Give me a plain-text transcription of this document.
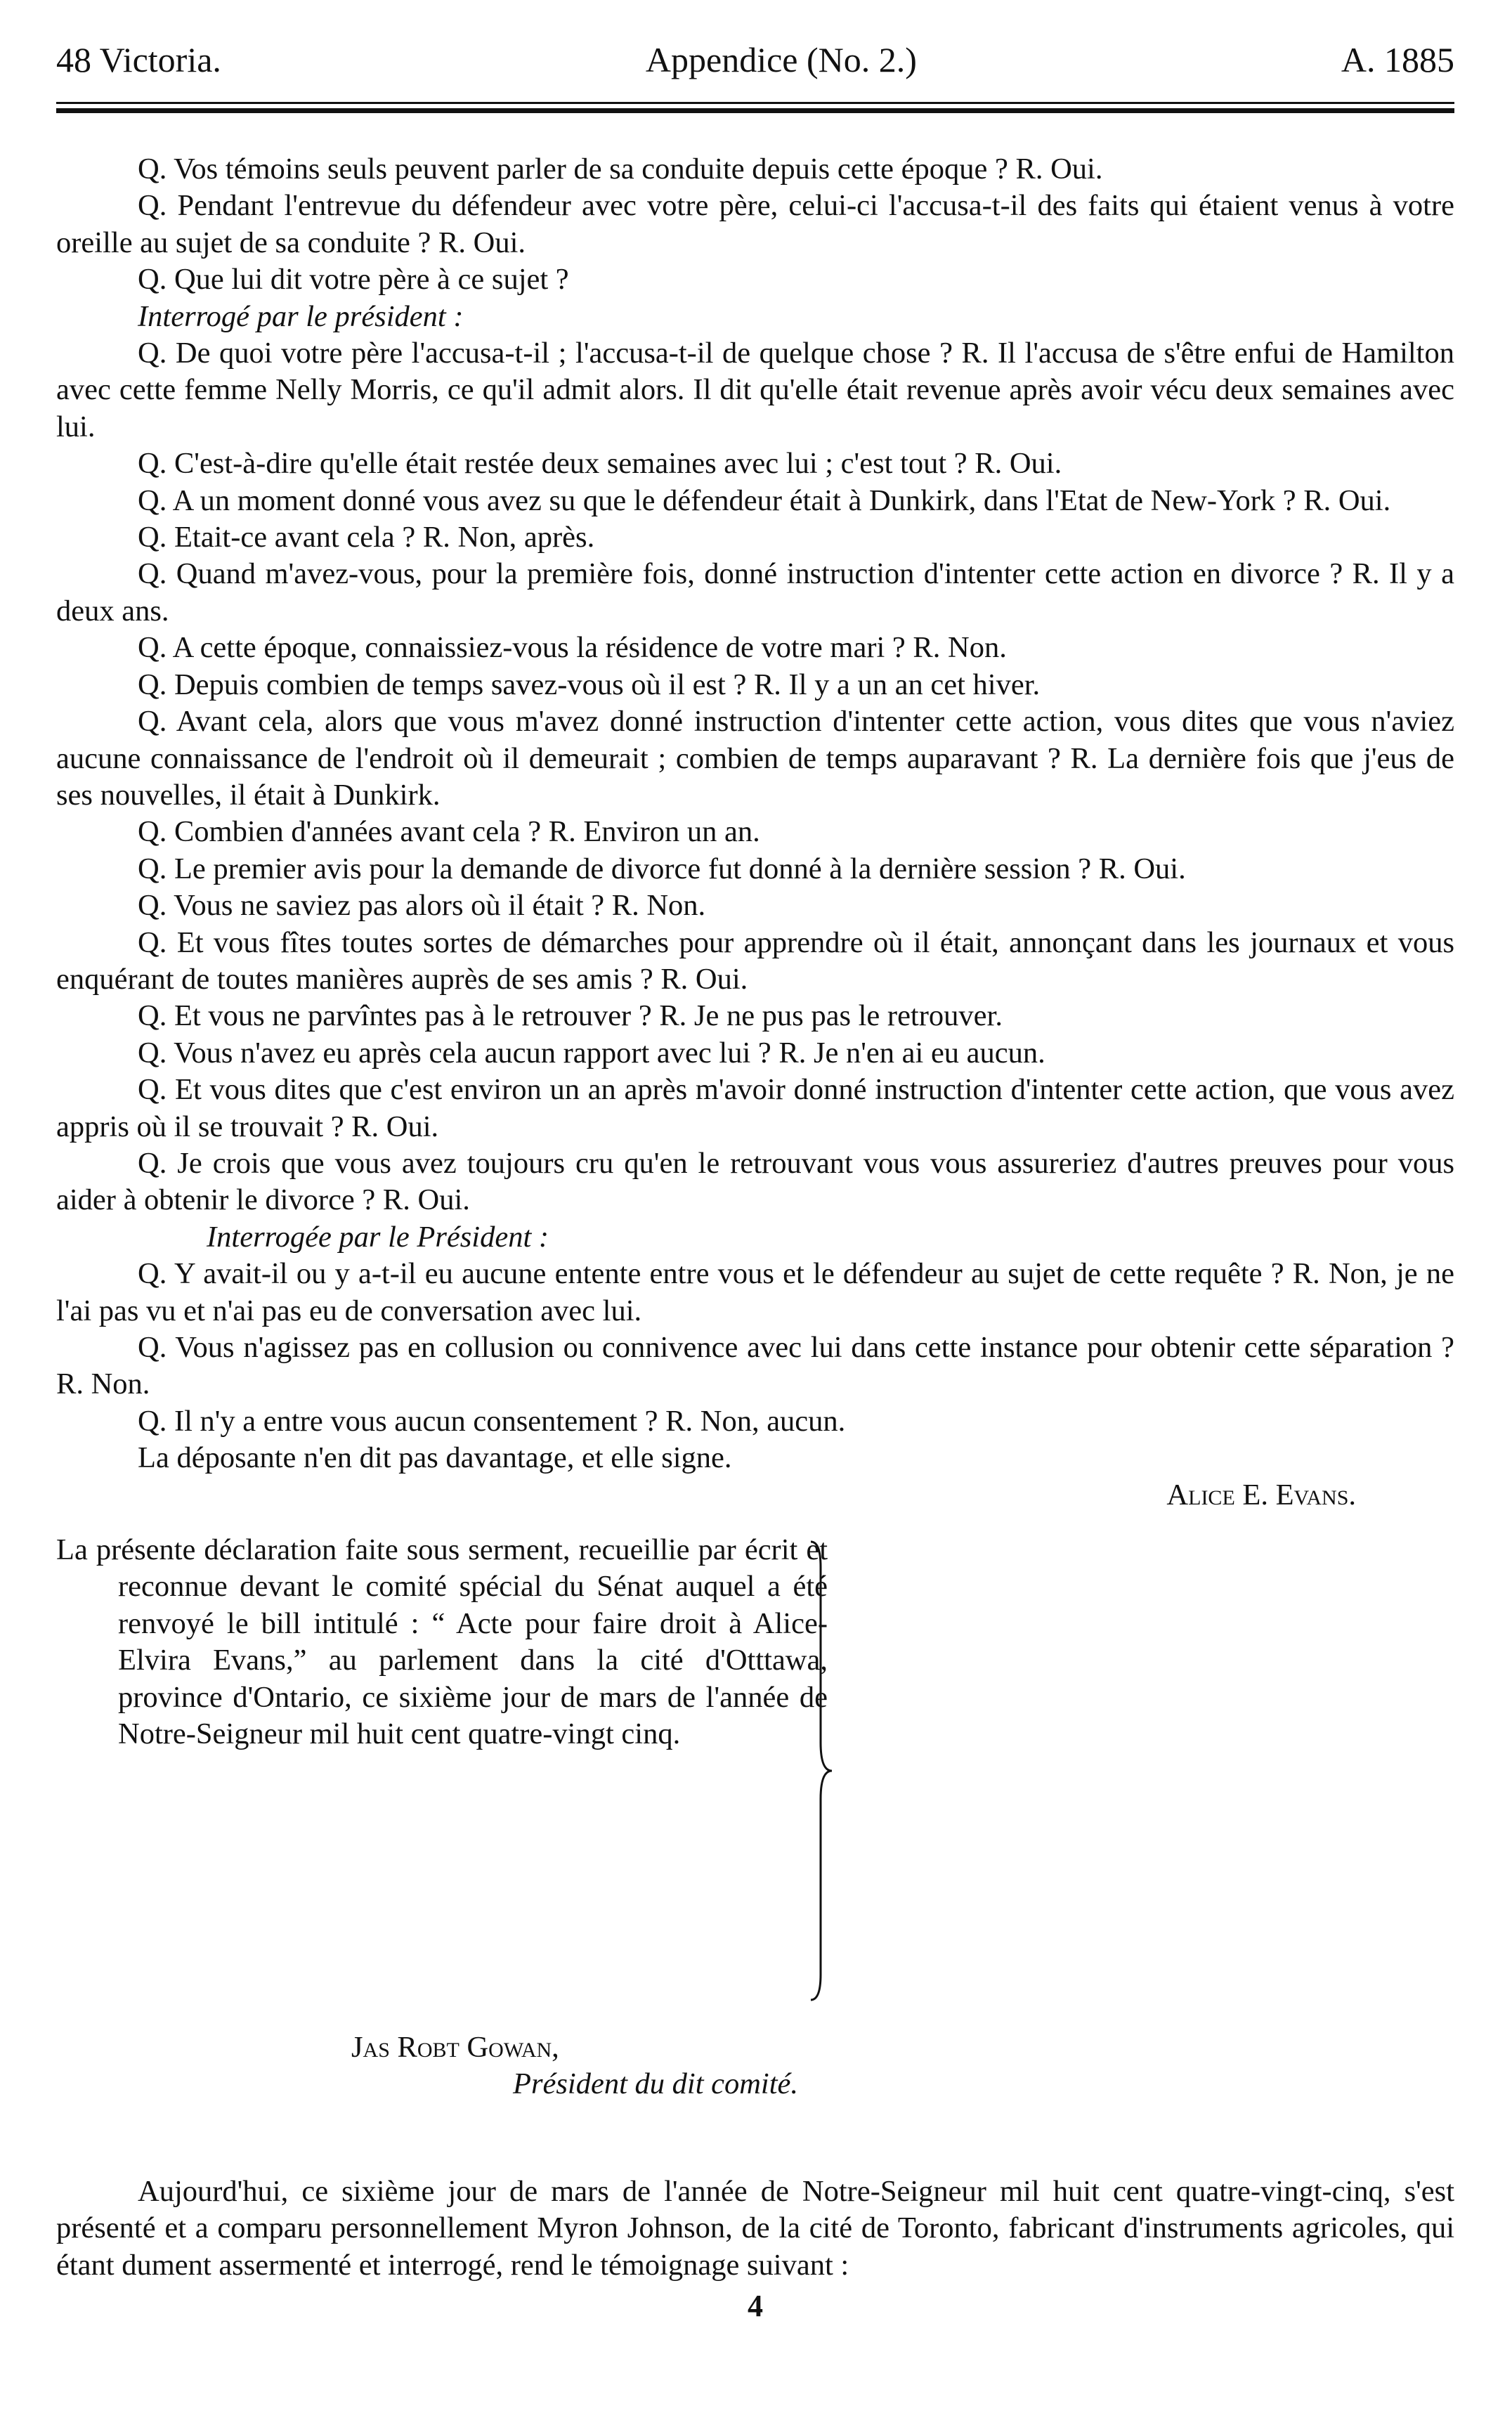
48 Victoria.	Appendice (No. 2.)	A. 1885

Q. Vos témoins seuls peuvent parler de sa conduite depuis cette époque ? R. Oui.

Q. Pendant l'entrevue du défendeur avec votre père, celui-ci l'accusa-t-il des faits qui étaient venus à votre oreille au sujet de sa conduite ? R. Oui.

Q. Que lui dit votre père à ce sujet ?

Interrogé par le président :

Q. De quoi votre père l'accusa-t-il ; l'accusa-t-il de quelque chose ? R. Il l'accusa de s'être enfui de Hamilton avec cette femme Nelly Morris, ce qu'il admit alors. Il dit qu'elle était revenue après avoir vécu deux semaines avec lui.

Q. C'est-à-dire qu'elle était restée deux semaines avec lui ; c'est tout ? R. Oui.

Q. A un moment donné vous avez su que le défendeur était à Dunkirk, dans l'Etat de New-York ? R. Oui.

Q. Etait-ce avant cela ? R. Non, après.

Q. Quand m'avez-vous, pour la première fois, donné instruction d'intenter cette action en divorce ? R. Il y a deux ans.

Q. A cette époque, connaissiez-vous la résidence de votre mari ? R. Non.

Q. Depuis combien de temps savez-vous où il est ? R. Il y a un an cet hiver.

Q. Avant cela, alors que vous m'avez donné instruction d'intenter cette action, vous dites que vous n'aviez aucune connaissance de l'endroit où il demeurait ; combien de temps auparavant ? R. La dernière fois que j'eus de ses nouvelles, il était à Dunkirk.

Q. Combien d'années avant cela ? R. Environ un an.

Q. Le premier avis pour la demande de divorce fut donné à la dernière session ? R. Oui.

Q. Vous ne saviez pas alors où il était ? R. Non.

Q. Et vous fîtes toutes sortes de démarches pour apprendre où il était, annonçant dans les journaux et vous enquérant de toutes manières auprès de ses amis ? R. Oui.

Q. Et vous ne parvîntes pas à le retrouver ? R. Je ne pus pas le retrouver.

Q. Vous n'avez eu après cela aucun rapport avec lui ? R. Je n'en ai eu aucun.

Q. Et vous dites que c'est environ un an après m'avoir donné instruction d'intenter cette action, que vous avez appris où il se trouvait ? R. Oui.

Q. Je crois que vous avez toujours cru qu'en le retrouvant vous vous assureriez d'autres preuves pour vous aider à obtenir le divorce ? R. Oui.

Interrogée par le Président :

Q. Y avait-il ou y a-t-il eu aucune entente entre vous et le défendeur au sujet de cette requête ? R. Non, je ne l'ai pas vu et n'ai pas eu de conversation avec lui.

Q. Vous n'agissez pas en collusion ou connivence avec lui dans cette instance pour obtenir cette séparation ? R. Non.

Q. Il n'y a entre vous aucun consentement ? R. Non, aucun.

La déposante n'en dit pas davantage, et elle signe.

Alice E. Evans.

La présente déclaration faite sous serment, recueillie par écrit et reconnue devant le comité spécial du Sénat auquel a été renvoyé le bill intitulé : “ Acte pour faire droit à Alice-Elvira Evans,” au parlement dans la cité d'Otttawa, province d'Ontario, ce sixième jour de mars de l'année de Notre-Seigneur mil huit cent quatre-vingt cinq.

Jas Robt Gowan,

Président du dit comité.

Aujourd'hui, ce sixième jour de mars de l'année de Notre-Seigneur mil huit cent quatre-vingt-cinq, s'est présenté et a comparu personnellement Myron Johnson, de la cité de Toronto, fabricant d'instruments agricoles, qui étant dument assermenté et interrogé, rend le témoignage suivant :

4
